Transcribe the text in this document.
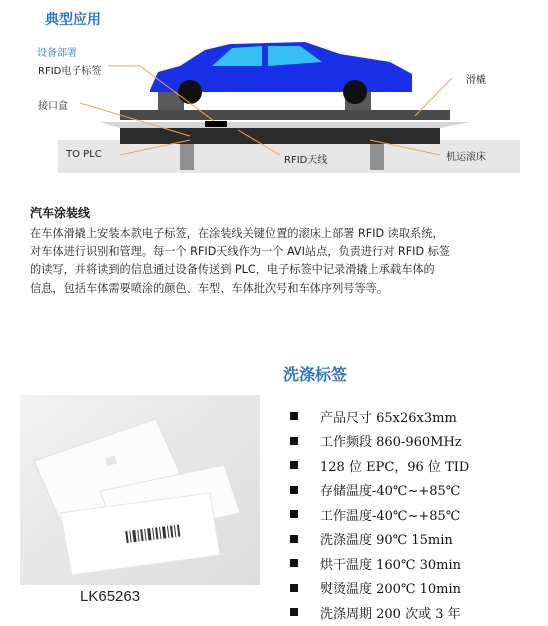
典型应用
设备部署
RFID电子标签
接口盒
TO PLC
RFID天线
滑橇
机运滚床
汽车涂装线
在车体滑撬上安装本款电子标签，在涂装线关键位置的滚床上部署 RFID 读取系统，
对车体进行识别和管理。每一个 RFID天线作为一个 AVI站点，负责进行对 RFID 标签
的读写，并将读到的信息通过设备传送到 PLC，电子标签中记录滑撬上承载车体的
信息，包括车体需要喷涂的颜色、车型、车体批次号和车体序列号等等。
洗涤标签
LK65263
产品尺寸 65x26x3mm
工作频段 860-960MHz
128 位 EPC，96 位 TID
存储温度-40℃~+85℃
工作温度-40℃~+85℃
洗涤温度 90℃ 15min
烘干温度 160℃ 30min
熨烫温度 200℃ 10min
洗涤周期 200 次或 3 年
